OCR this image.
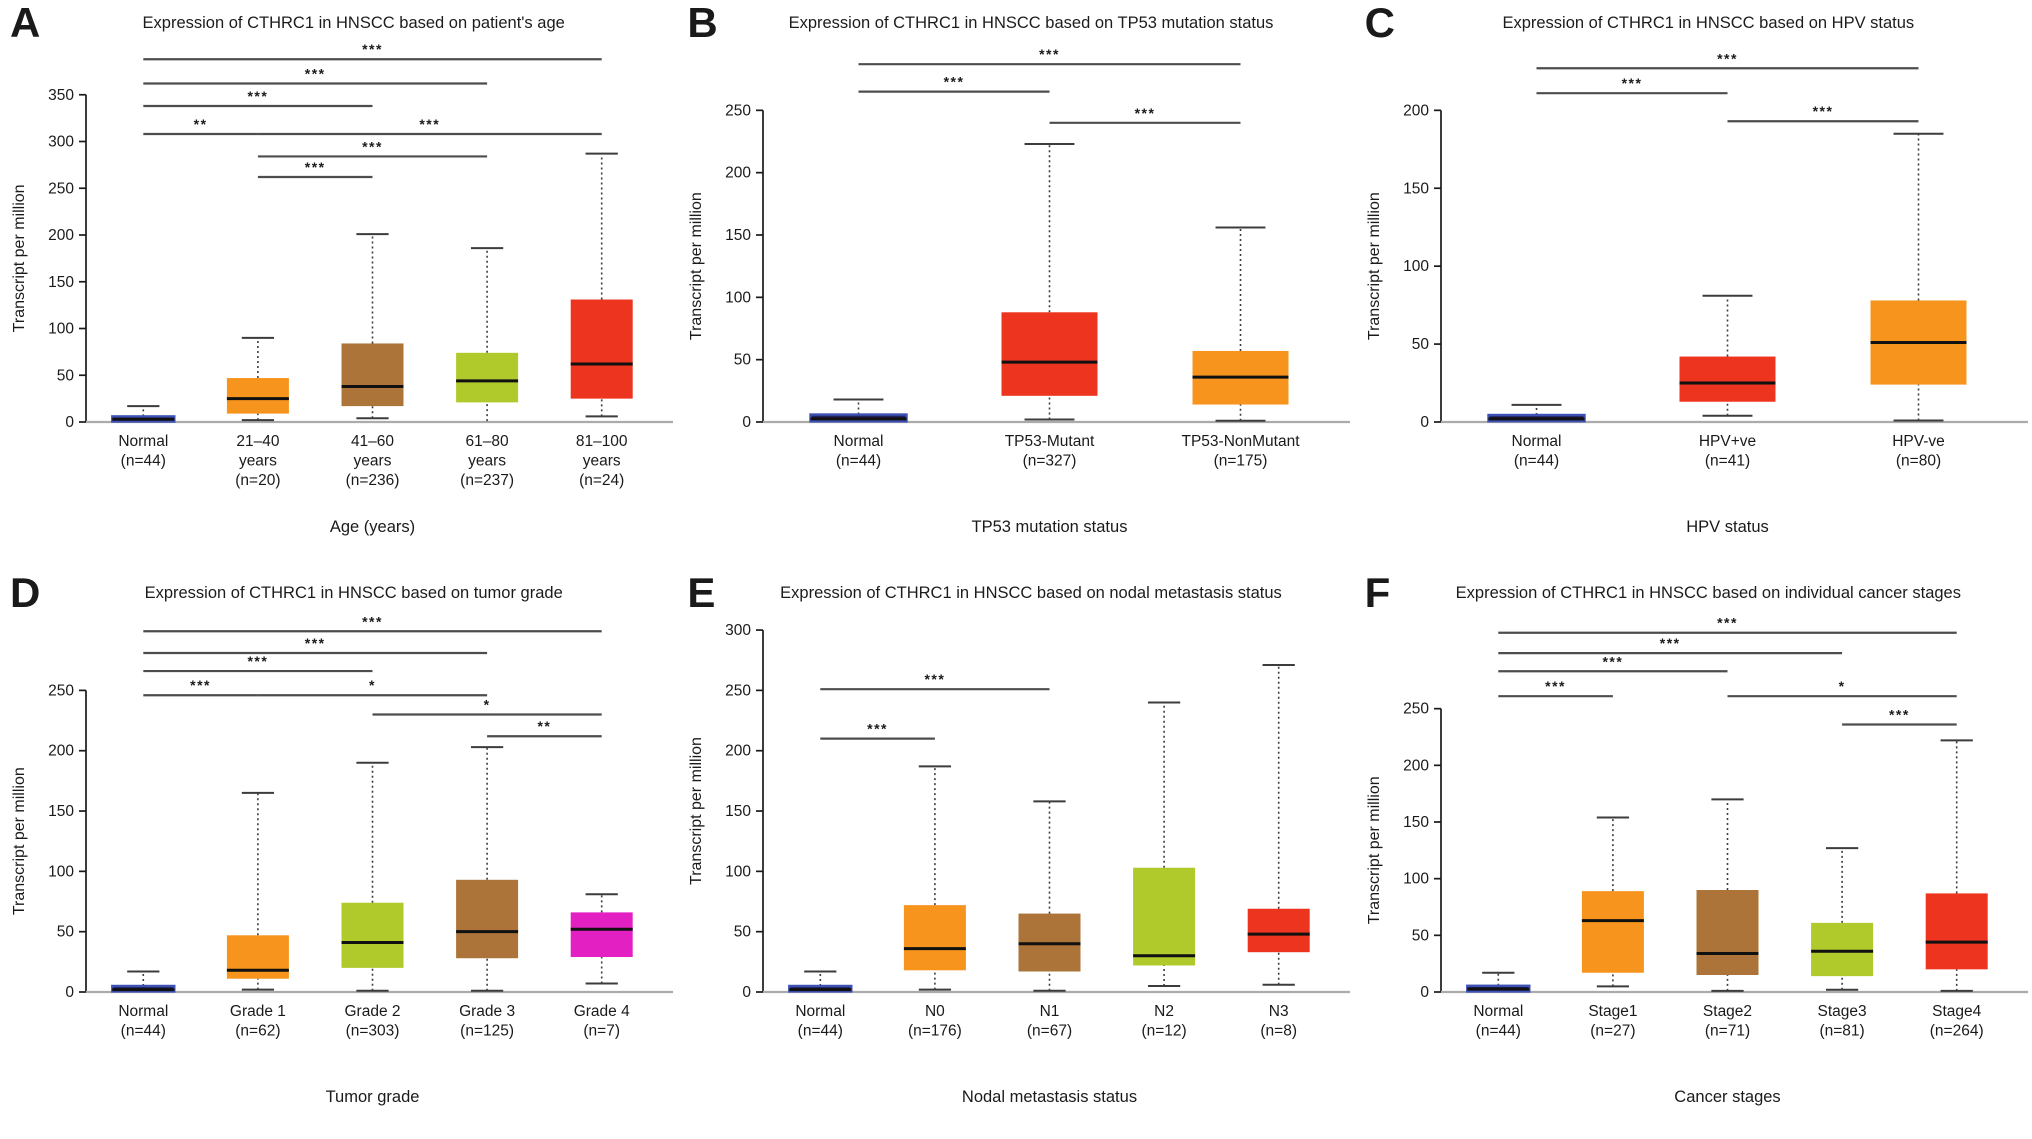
A	Expression of CTHRC1 in HNSCC based on patient's age
0
50
100
150
200
250
300
350
Transcript per million
Normal
(n=44)
21–40
years
(n=20)
41–60
years
(n=236)
61–80
years
(n=237)
81–100
years
(n=24)
***
***
***
**	***
***
***
Age (years)
B	Expression of CTHRC1 in HNSCC based on TP53 mutation status
0
50
100
150
200
250
Transcript per million
Normal
(n=44)
TP53-Mutant
(n=327)
TP53-NonMutant
(n=175)
***
***
***
TP53 mutation status
C	Expression of CTHRC1 in HNSCC based on HPV status
0
50
100
150
200
Transcript per million
Normal
(n=44)
HPV+ve
(n=41)
HPV-ve
(n=80)
***
***
***
HPV status
D	Expression of CTHRC1 in HNSCC based on tumor grade
0
50
100
150
200
250
Transcript per million
Normal
(n=44)
Grade 1
(n=62)
Grade 2
(n=303)
Grade 3
(n=125)
Grade 4
(n=7)
***
***
***
***	*
*
**
Tumor grade
E	Expression of CTHRC1 in HNSCC based on nodal metastasis status
0
50
100
150
200
250
300
Transcript per million
Normal
(n=44)
N0
(n=176)
N1
(n=67)
N2
(n=12)
N3
(n=8)
***
***
Nodal metastasis status
F	Expression of CTHRC1 in HNSCC based on individual cancer stages
0
50
100
150
200
250
Transcript per million
Normal
(n=44)
Stage1
(n=27)
Stage2
(n=71)
Stage3
(n=81)
Stage4
(n=264)
***
***
***
***	*
***
Cancer stages
